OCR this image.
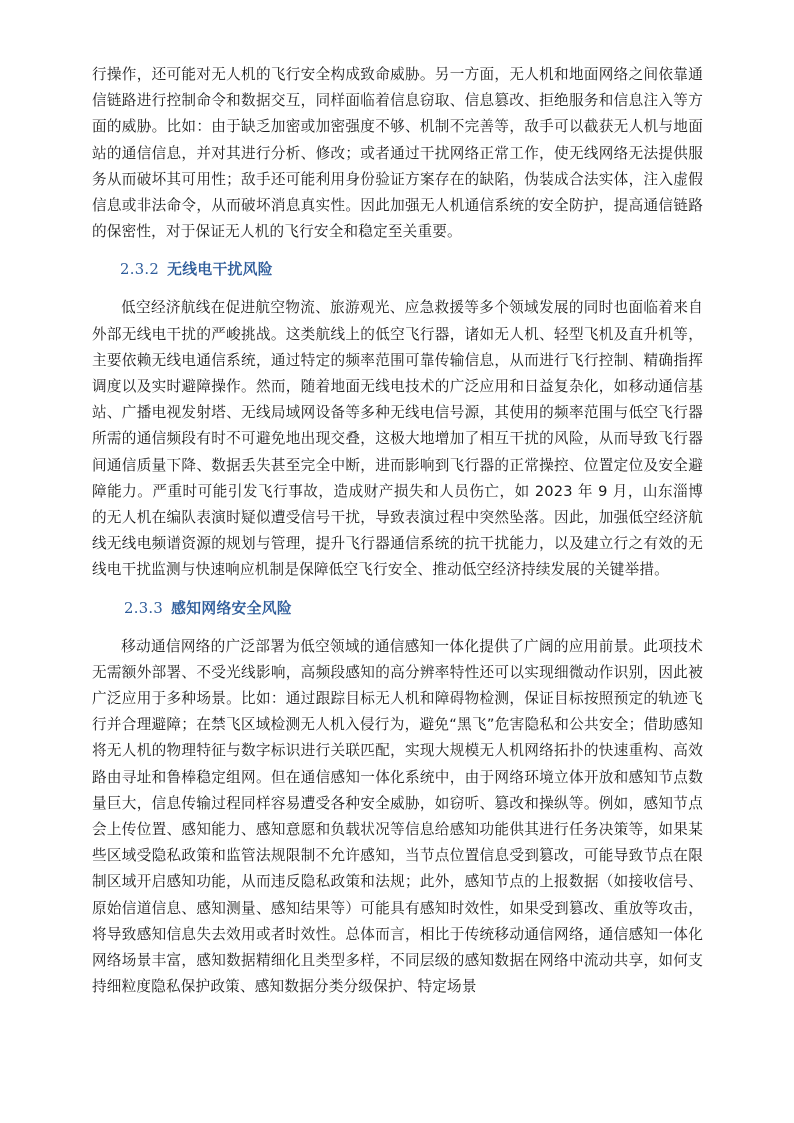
行操作，还可能对无人机的飞行安全构成致命威胁。另一方面，无人机和地面网络之间依靠通信链路进行控制命令和数据交互，同样面临着信息窃取、信息篡改、拒绝服务和信息注入等方面的威胁。比如：由于缺乏加密或加密强度不够、机制不完善等，敌手可以截获无人机与地面站的通信信息，并对其进行分析、修改；或者通过干扰网络正常工作，使无线网络无法提供服务从而破坏其可用性；敌手还可能利用身份验证方案存在的缺陷，伪装成合法实体，注入虚假信息或非法命令，从而破坏消息真实性。因此加强无人机通信系统的安全防护，提高通信链路的保密性，对于保证无人机的飞行安全和稳定至关重要。

2.3.2 无线电干扰风险

低空经济航线在促进航空物流、旅游观光、应急救援等多个领域发展的同时也面临着来自外部无线电干扰的严峻挑战。这类航线上的低空飞行器，诸如无人机、轻型飞机及直升机等，主要依赖无线电通信系统，通过特定的频率范围可靠传输信息，从而进行飞行控制、精确指挥调度以及实时避障操作。然而，随着地面无线电技术的广泛应用和日益复杂化，如移动通信基站、广播电视发射塔、无线局域网设备等多种无线电信号源，其使用的频率范围与低空飞行器所需的通信频段有时不可避免地出现交叠，这极大地增加了相互干扰的风险，从而导致飞行器间通信质量下降、数据丢失甚至完全中断，进而影响到飞行器的正常操控、位置定位及安全避障能力。严重时可能引发飞行事故，造成财产损失和人员伤亡，如 2023 年 9 月，山东淄博的无人机在编队表演时疑似遭受信号干扰，导致表演过程中突然坠落。因此，加强低空经济航线无线电频谱资源的规划与管理，提升飞行器通信系统的抗干扰能力，以及建立行之有效的无线电干扰监测与快速响应机制是保障低空飞行安全、推动低空经济持续发展的关键举措。

2.3.3 感知网络安全风险

移动通信网络的广泛部署为低空领域的通信感知一体化提供了广阔的应用前景。此项技术无需额外部署、不受光线影响，高频段感知的高分辨率特性还可以实现细微动作识别，因此被广泛应用于多种场景。比如：通过跟踪目标无人机和障碍物检测，保证目标按照预定的轨迹飞行并合理避障；在禁飞区域检测无人机入侵行为，避免“黑飞”危害隐私和公共安全；借助感知将无人机的物理特征与数字标识进行关联匹配，实现大规模无人机网络拓扑的快速重构、高效路由寻址和鲁棒稳定组网。但在通信感知一体化系统中，由于网络环境立体开放和感知节点数量巨大，信息传输过程同样容易遭受各种安全威胁，如窃听、篡改和操纵等。例如，感知节点会上传位置、感知能力、感知意愿和负载状况等信息给感知功能供其进行任务决策等，如果某些区域受隐私政策和监管法规限制不允许感知，当节点位置信息受到篡改，可能导致节点在限制区域开启感知功能，从而违反隐私政策和法规；此外，感知节点的上报数据（如接收信号、原始信道信息、感知测量、感知结果等）可能具有感知时效性，如果受到篡改、重放等攻击，将导致感知信息失去效用或者时效性。总体而言，相比于传统移动通信网络，通信感知一体化网络场景丰富，感知数据精细化且类型多样，不同层级的感知数据在网络中流动共享，如何支持细粒度隐私保护政策、感知数据分类分级保护、特定场景
